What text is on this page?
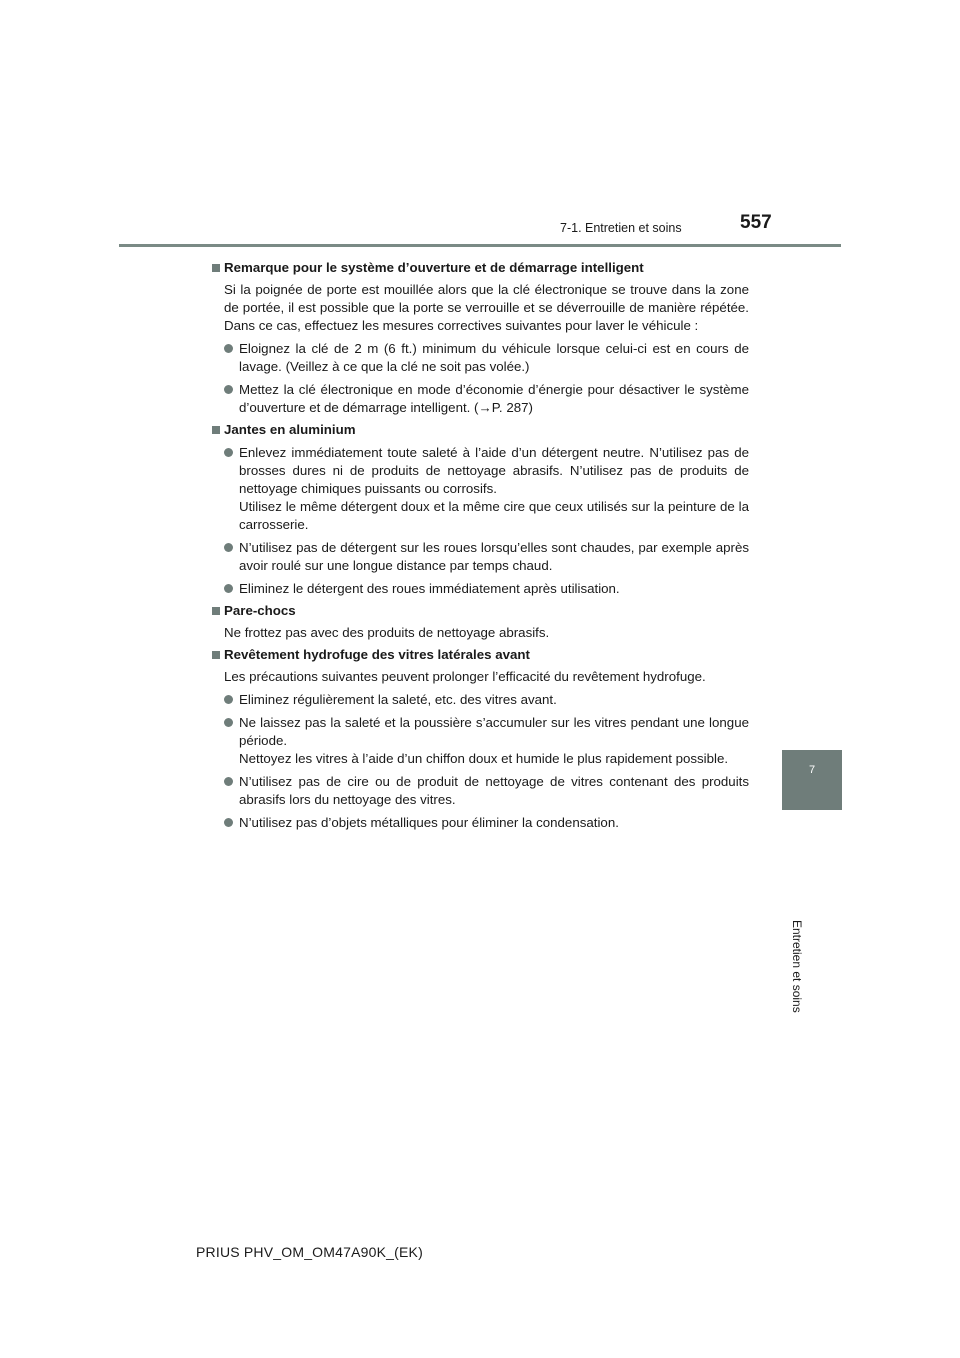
7-1. Entretien et soins	557
7
Entretien et soins
Remarque pour le système d’ouverture et de démarrage intelligent
Si la poignée de porte est mouillée alors que la clé électronique se trouve dans la zone de portée, il est possible que la porte se verrouille et se déverrouille de manière répétée. Dans ce cas, effectuez les mesures correctives suivantes pour laver le véhicule :
Eloignez la clé de 2 m (6 ft.) minimum du véhicule lorsque celui-ci est en cours de lavage. (Veillez à ce que la clé ne soit pas volée.)
Mettez la clé électronique en mode d’économie d’énergie pour désactiver le système d’ouverture et de démarrage intelligent. (→P. 287)
Jantes en aluminium
Enlevez immédiatement toute saleté à l’aide d’un détergent neutre. N’utilisez pas de brosses dures ni de produits de nettoyage abrasifs. N’utilisez pas de produits de nettoyage chimiques puissants ou corrosifs.
Utilisez le même détergent doux et la même cire que ceux utilisés sur la peinture de la carrosserie.
N’utilisez pas de détergent sur les roues lorsqu’elles sont chaudes, par exemple après avoir roulé sur une longue distance par temps chaud.
Eliminez le détergent des roues immédiatement après utilisation.
Pare-chocs
Ne frottez pas avec des produits de nettoyage abrasifs.
Revêtement hydrofuge des vitres latérales avant
Les précautions suivantes peuvent prolonger l’efficacité du revêtement hydrofuge.
Eliminez régulièrement la saleté, etc. des vitres avant.
Ne laissez pas la saleté et la poussière s’accumuler sur les vitres pendant une longue période.
Nettoyez les vitres à l’aide d’un chiffon doux et humide le plus rapidement possible.
N’utilisez pas de cire ou de produit de nettoyage de vitres contenant des produits abrasifs lors du nettoyage des vitres.
N’utilisez pas d’objets métalliques pour éliminer la condensation.
PRIUS PHV_OM_OM47A90K_(EK)
